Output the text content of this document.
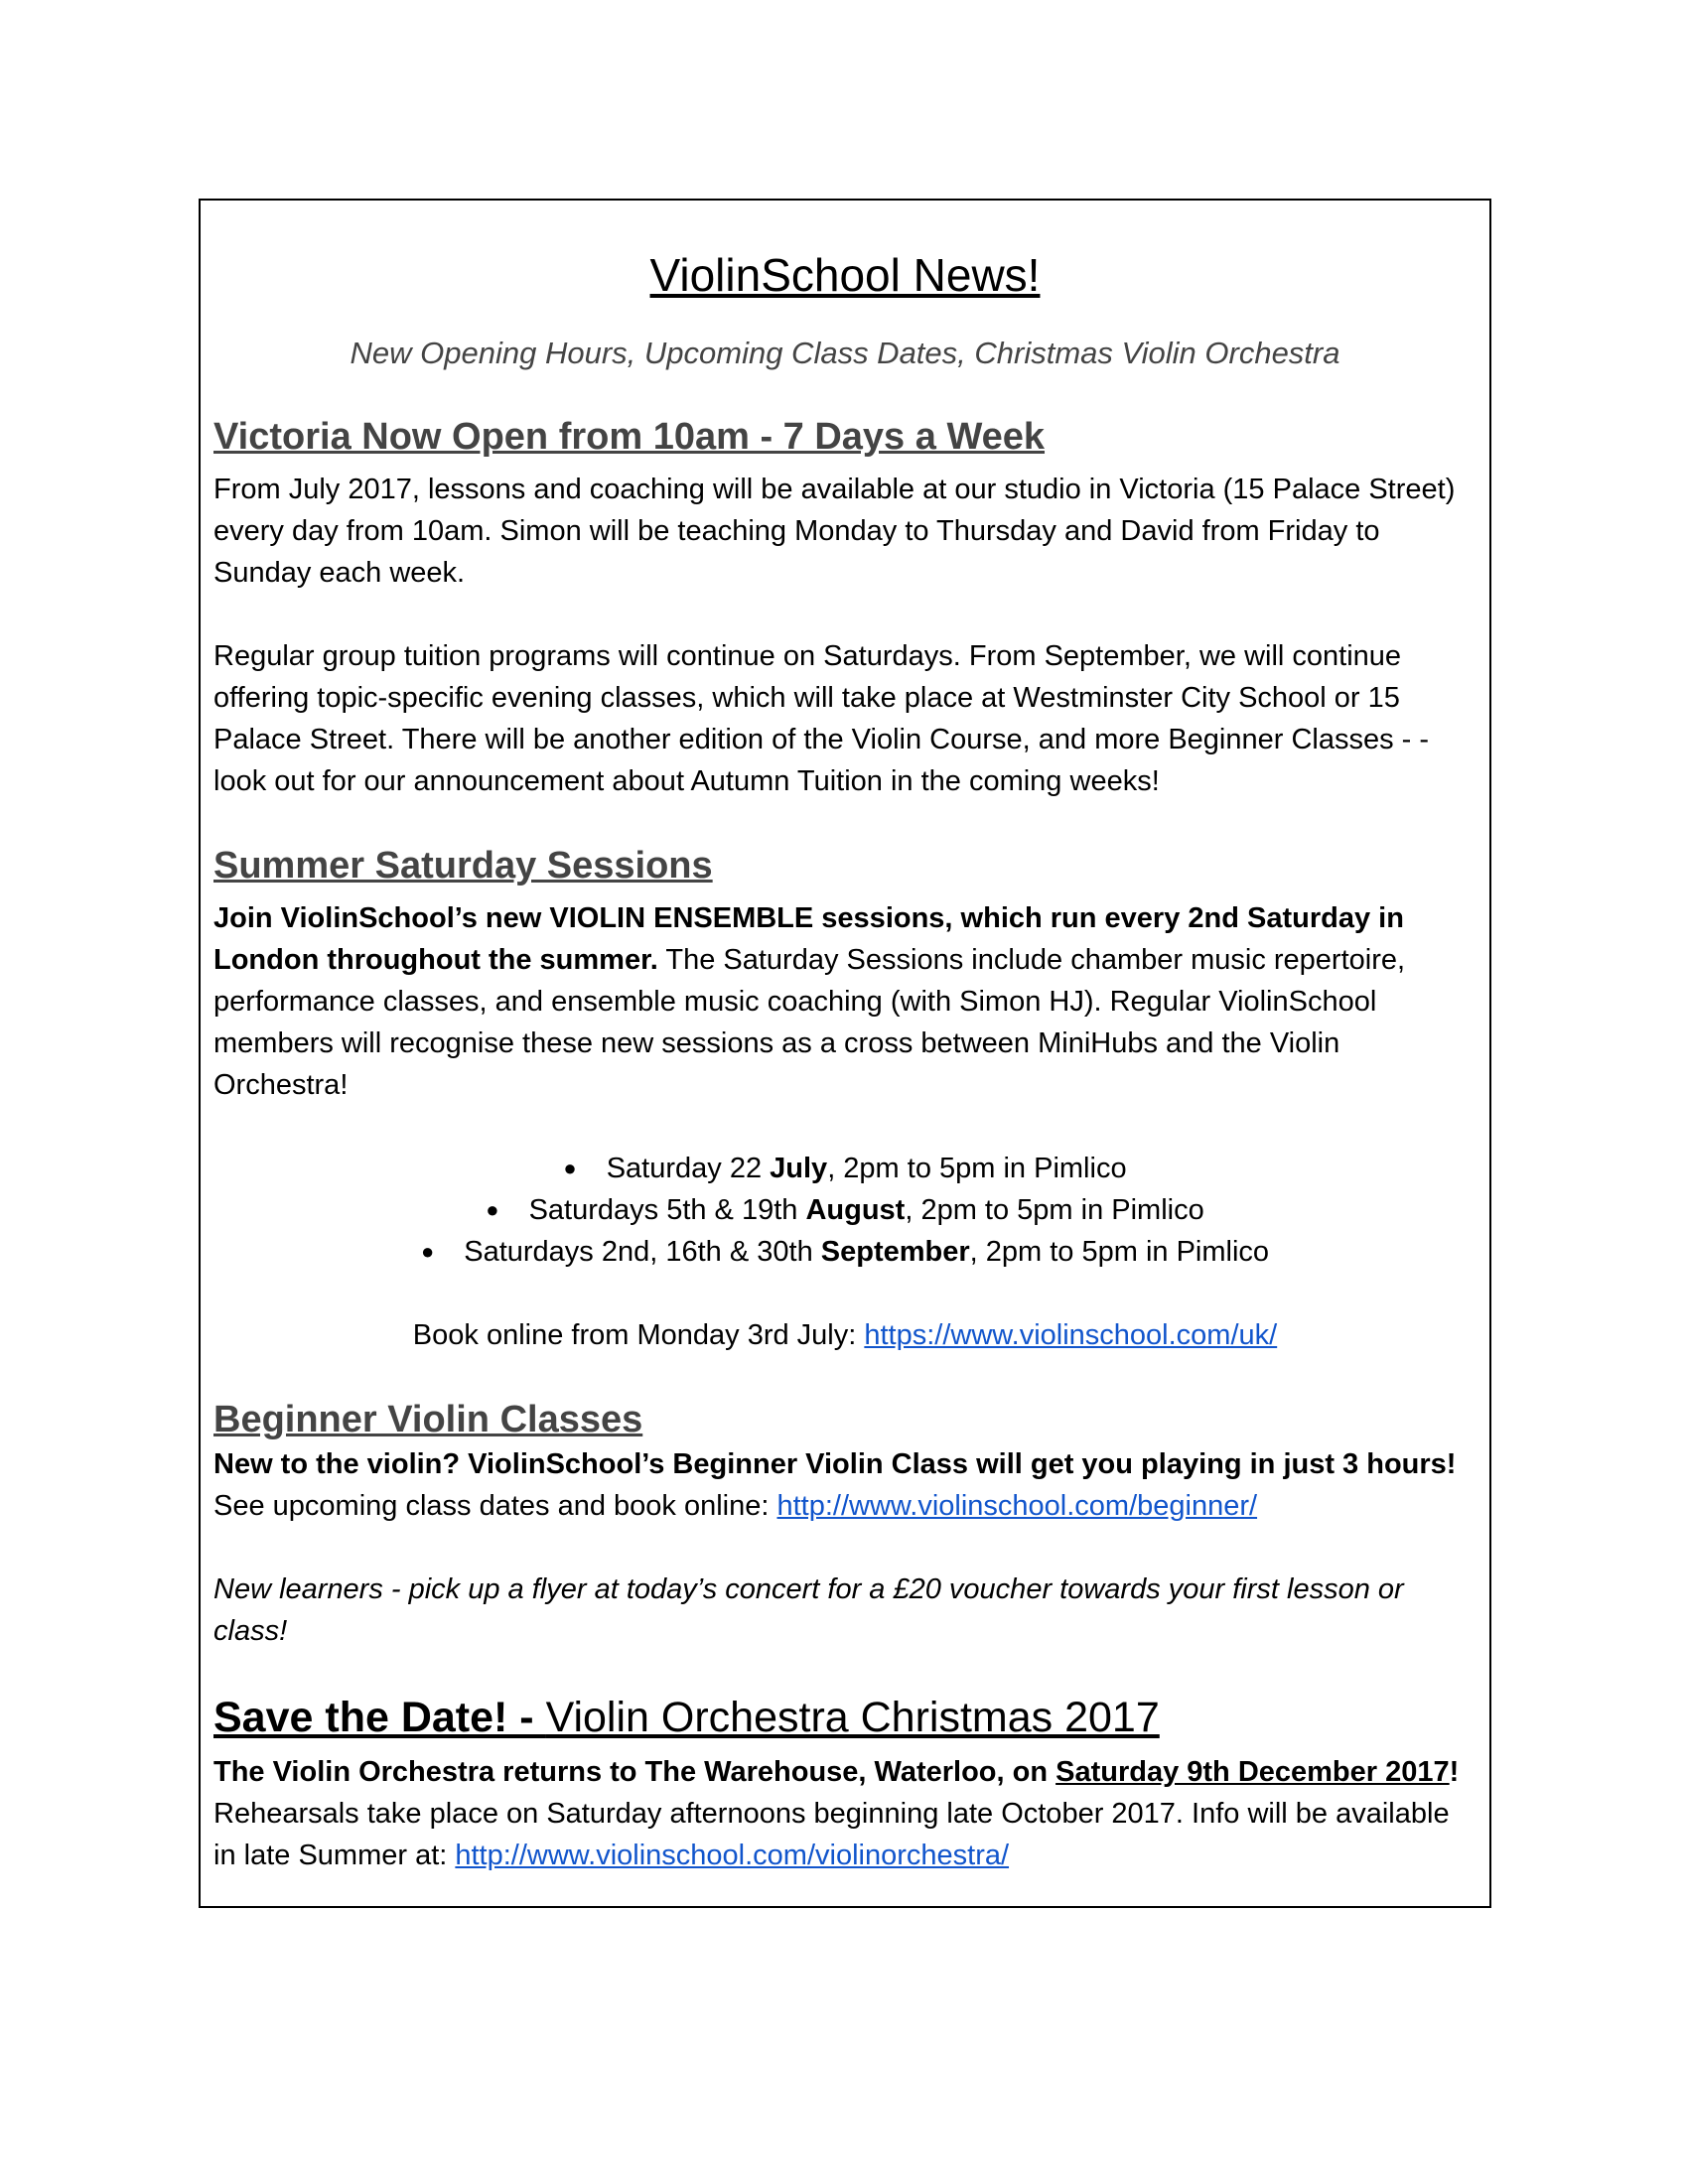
ViolinSchool News!
New Opening Hours, Upcoming Class Dates, Christmas Violin Orchestra
Victoria Now Open from 10am - 7 Days a Week

From July 2017, lessons and coaching will be available at our studio in Victoria (15 Palace Street) every day from 10am. Simon will be teaching Monday to Thursday and David from Friday to Sunday each week.

Regular group tuition programs will continue on Saturdays. From September, we will continue offering topic-specific evening classes, which will take place at Westminster City School or 15 Palace Street. There will be another edition of the Violin Course, and more Beginner Classes - - look out for our announcement about Autumn Tuition in the coming weeks!

Summer Saturday Sessions

Join ViolinSchool’s new VIOLIN ENSEMBLE sessions, which run every 2nd Saturday in London throughout the summer. The Saturday Sessions include chamber music repertoire, performance classes, and ensemble music coaching (with Simon HJ). Regular ViolinSchool members will recognise these new sessions as a cross between MiniHubs and the Violin Orchestra!

● Saturday 22 July, 2pm to 5pm in Pimlico
● Saturdays 5th & 19th August, 2pm to 5pm in Pimlico
● Saturdays 2nd, 16th & 30th September, 2pm to 5pm in Pimlico

Book online from Monday 3rd July: https://www.violinschool.com/uk/

Beginner Violin Classes

New to the violin? ViolinSchool’s Beginner Violin Class will get you playing in just 3 hours!

See upcoming class dates and book online: http://www.violinschool.com/beginner/

New learners - pick up a flyer at today’s concert for a £20 voucher towards your first lesson or class!

Save the Date! - Violin Orchestra Christmas 2017

The Violin Orchestra returns to The Warehouse, Waterloo, on Saturday 9th December 2017!

Rehearsals take place on Saturday afternoons beginning late October 2017. Info will be available in late Summer at: http://www.violinschool.com/violinorchestra/
